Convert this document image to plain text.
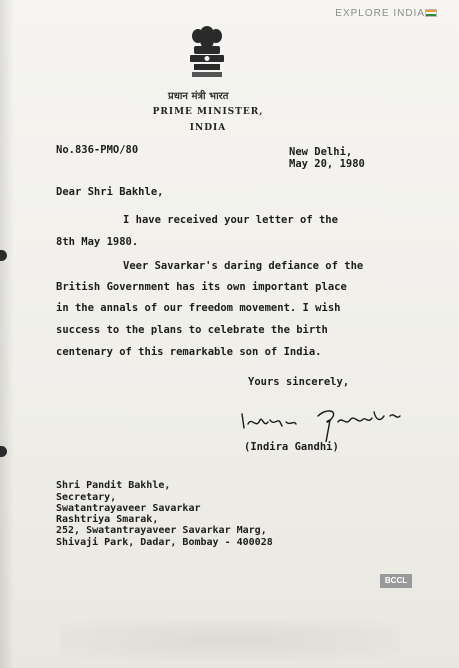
EXPLORE INDIA
प्रधान मंत्री भारत
PRIME MINISTER,
INDIA
No.836-PMO/80	New Delhi,
May 20, 1980
Dear Shri Bakhle,
I have received your letter of the
8th May 1980.
Veer Savarkar's daring defiance of the
British Government has its own important place
in the annals of our freedom movement. I wish
success to the plans to celebrate the birth
centenary of this remarkable son of India.
Yours sincerely,
(Indira Gandhi)
Shri Pandit Bakhle,
Secretary,
Swatantrayaveer Savarkar
Rashtriya Smarak,
252, Swatantrayaveer Savarkar Marg,
Shivaji Park, Dadar, Bombay - 400028
BCCL
